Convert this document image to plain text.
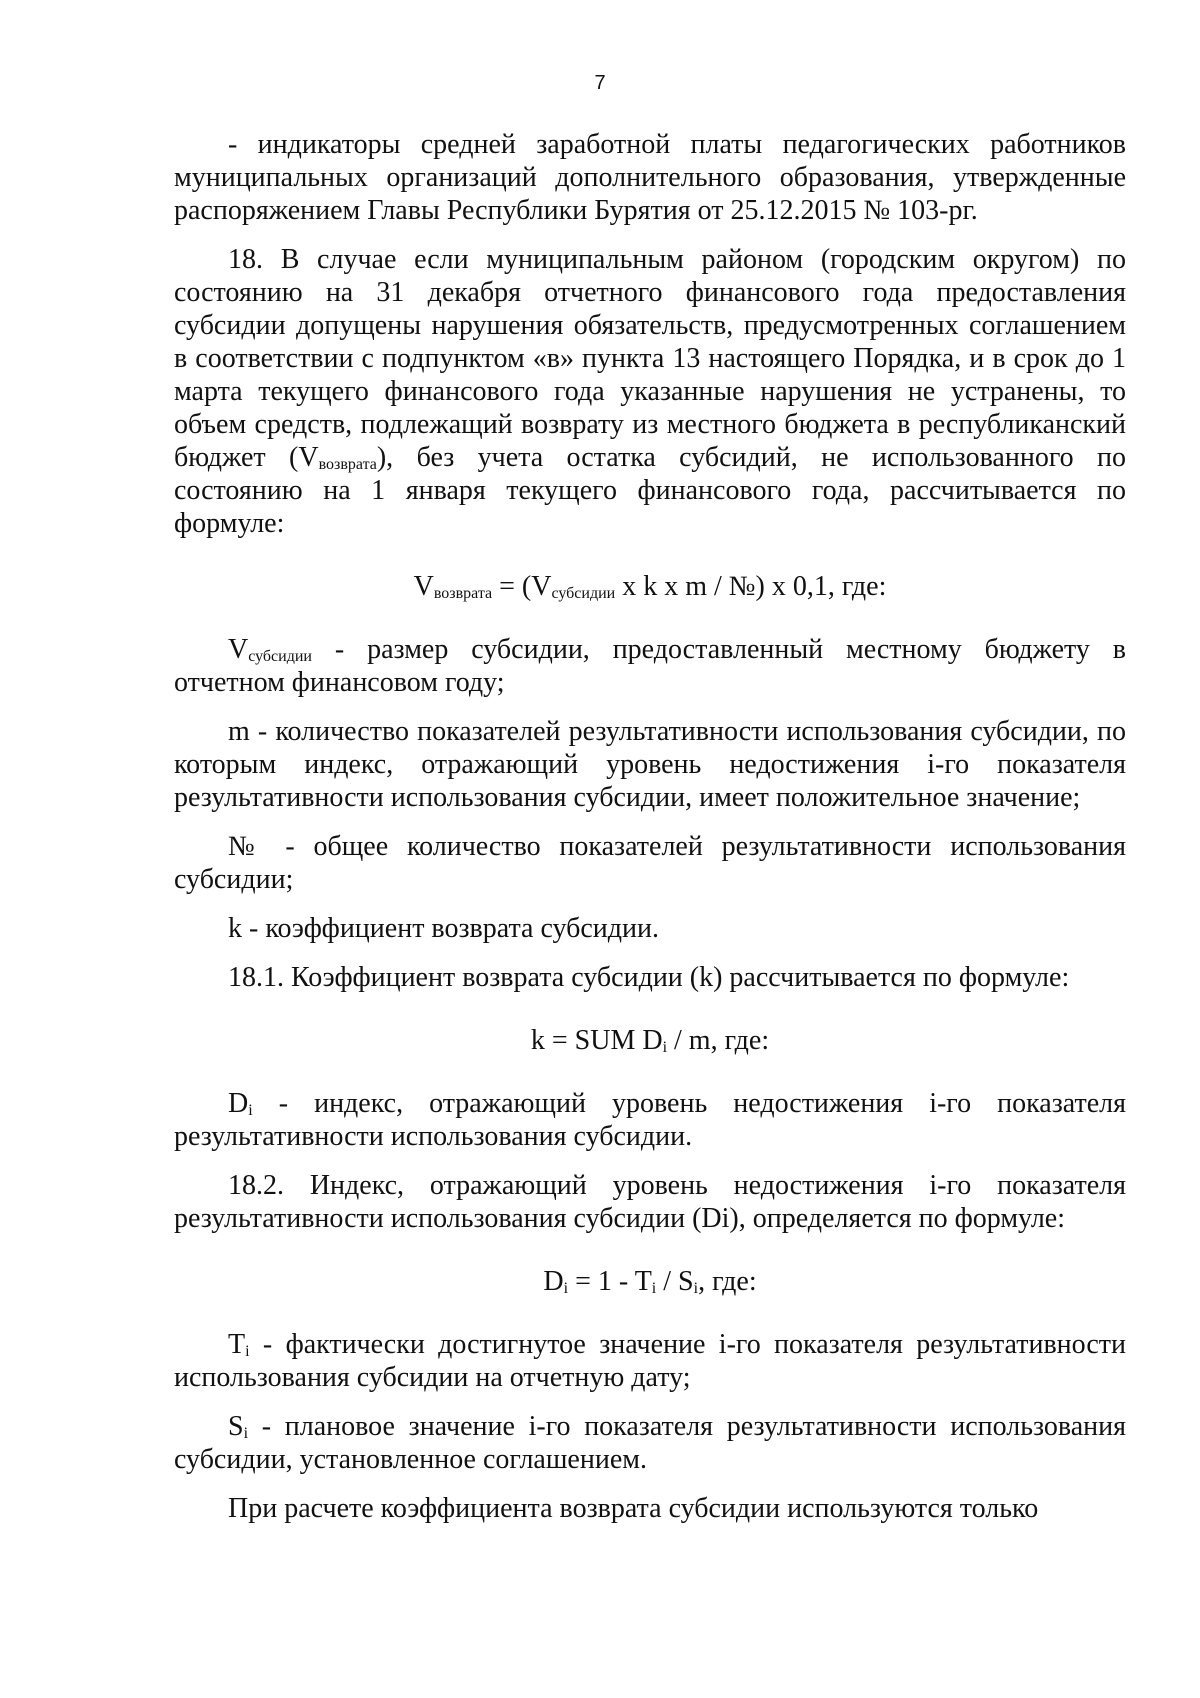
7

- индикаторы средней заработной платы педагогических работников муниципальных организаций дополнительного образования, утвержденные распоряжением Главы Республики Бурятия от 25.12.2015 № 103-рг.

18. В случае если муниципальным районом (городским округом) по состоянию на 31 декабря отчетного финансового года предоставления субсидии допущены нарушения обязательств, предусмотренных соглашением в соответствии с подпунктом «в» пункта 13 настоящего Порядка, и в срок до 1 марта текущего финансового года указанные нарушения не устранены, то объем средств, подлежащий возврату из местного бюджета в республиканский бюджет $(V_{возврата})$, без учета остатка субсидий, не использованного по состоянию на 1 января текущего финансового года, рассчитывается по формуле:

$V_{возврата} = (V_{субсидии}$ x k x m / №) x 0,1, где:

$V_{субсидии}$ - размер субсидии, предоставленный местному бюджету в отчетном финансовом году;

m - количество показателей результативности использования субсидии, по которым индекс, отражающий уровень недостижения i-го показателя результативности использования субсидии, имеет положительное значение;

№ - общее количество показателей результативности использования субсидии;

k - коэффициент возврата субсидии.

18.1. Коэффициент возврата субсидии (k) рассчитывается по формуле:

k = SUM $D_i$ / m, где:

$D_i$ - индекс, отражающий уровень недостижения i-го показателя результативности использования субсидии.

18.2. Индекс, отражающий уровень недостижения i-го показателя результативности использования субсидии (Di), определяется по формуле:

$D_i = 1 - T_i / S_i$, где:

$T_i$ - фактически достигнутое значение i-го показателя результативности использования субсидии на отчетную дату;

$S_i$ - плановое значение i-го показателя результативности использования субсидии, установленное соглашением.

При расчете коэффициента возврата субсидии используются только
